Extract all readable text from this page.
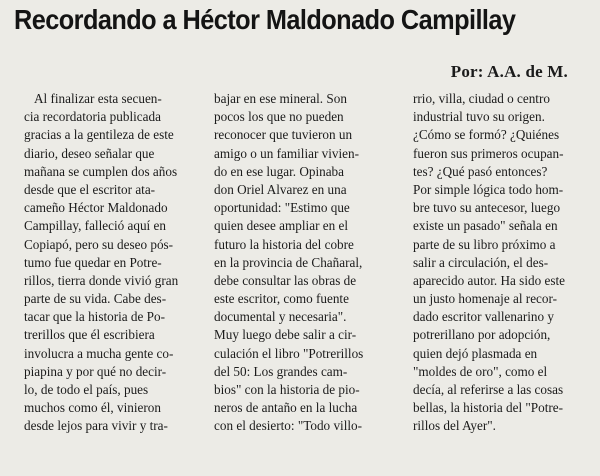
Recordando a Héctor Maldonado Campillay
Por: A.A. de M.
Al finalizar esta secuen-
cia recordatoria publicada
gracias a la gentileza de este
diario, deseo señalar que
mañana se cumplen dos años
desde que el escritor ata-
cameño Héctor Maldonado
Campillay, falleció aquí en
Copiapó, pero su deseo pós-
tumo fue quedar en Potre-
rillos, tierra donde vivió gran
parte de su vida. Cabe des-
tacar que la historia de Po-
trerillos que él escribiera
involucra a mucha gente co-
piapina y por qué no decir-
lo, de todo el país, pues
muchos como él, vinieron
desde lejos para vivir y tra-
bajar en ese mineral. Son
pocos los que no pueden
reconocer que tuvieron un
amigo o un familiar vivien-
do en ese lugar. Opinaba
don Oriel Alvarez en una
oportunidad: "Estimo que
quien desee ampliar en el
futuro la historia del cobre
en la provincia de Chañaral,
debe consultar las obras de
este escritor, como fuente
documental y necesaria".
Muy luego debe salir a cir-
culación el libro "Potrerillos
del 50: Los grandes cam-
bios" con la historia de pio-
neros de antaño en la lucha
con el desierto: "Todo villo-
rrio, villa, ciudad o centro
industrial tuvo su origen.
¿Cómo se formó? ¿Quiénes
fueron sus primeros ocupan-
tes? ¿Qué pasó entonces?
Por simple lógica todo hom-
bre tuvo su antecesor, luego
existe un pasado" señala en
parte de su libro próximo a
salir a circulación, el des-
aparecido autor. Ha sido este
un justo homenaje al recor-
dado escritor vallenarino y
potrerillano por adopción,
quien dejó plasmada en
"moldes de oro", como el
decía, al referirse a las cosas
bellas, la historia del "Potre-
rillos del Ayer".
